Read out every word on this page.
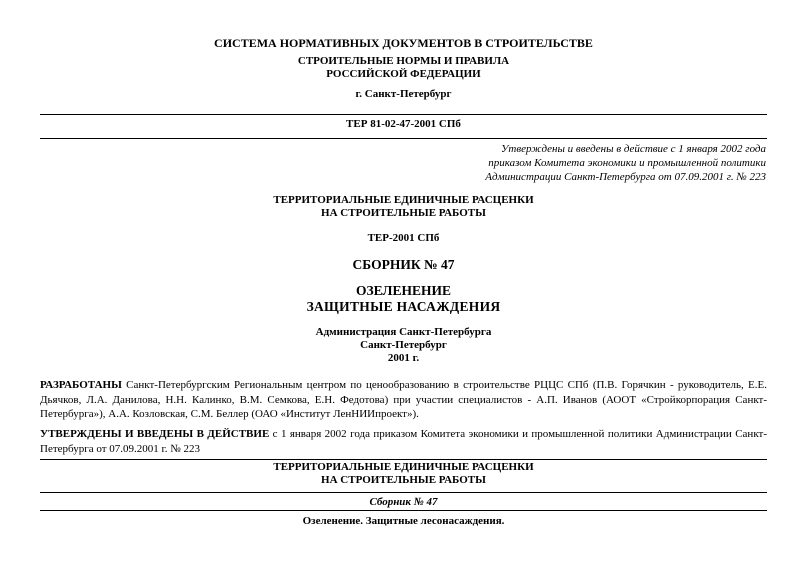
СИСТЕМА НОРМАТИВНЫХ ДОКУМЕНТОВ В СТРОИТЕЛЬСТВЕ
СТРОИТЕЛЬНЫЕ НОРМЫ И ПРАВИЛА
РОССИЙСКОЙ ФЕДЕРАЦИИ
г. Санкт-Петербург
ТЕР 81-02-47-2001 СПб
Утверждены и введены в действие с 1 января 2002 года
приказом Комитета экономики и промышленной политики
Администрации Санкт-Петербурга от 07.09.2001 г. № 223
ТЕРРИТОРИАЛЬНЫЕ ЕДИНИЧНЫЕ РАСЦЕНКИ
НА СТРОИТЕЛЬНЫЕ РАБОТЫ
ТЕР-2001 СПб
СБОРНИК № 47
ОЗЕЛЕНЕНИЕ
ЗАЩИТНЫЕ НАСАЖДЕНИЯ
Администрация Санкт-Петербурга
Санкт-Петербург
2001 г.
РАЗРАБОТАНЫ Санкт-Петербургским Региональным центром по ценообразованию в строительстве РЦЦС СПб (П.В. Горячкин - руководитель, Е.Е. Дьячков, Л.А. Данилова, Н.Н. Калинко, В.М. Семкова, Е.Н. Федотова) при участии специалистов - А.П. Иванов (АООТ «Стройкорпорация Санкт-Петербурга»), А.А. Козловская, С.М. Беллер (ОАО «Институт ЛенНИИпроект»).
УТВЕРЖДЕНЫ И ВВЕДЕНЫ В ДЕЙСТВИЕ с 1 января 2002 года приказом Комитета экономики и промышленной политики Администрации Санкт-Петербурга от 07.09.2001 г. № 223
ТЕРРИТОРИАЛЬНЫЕ ЕДИНИЧНЫЕ РАСЦЕНКИ
НА СТРОИТЕЛЬНЫЕ РАБОТЫ
Сборник № 47
Озеленение. Защитные лесонасаждения.
